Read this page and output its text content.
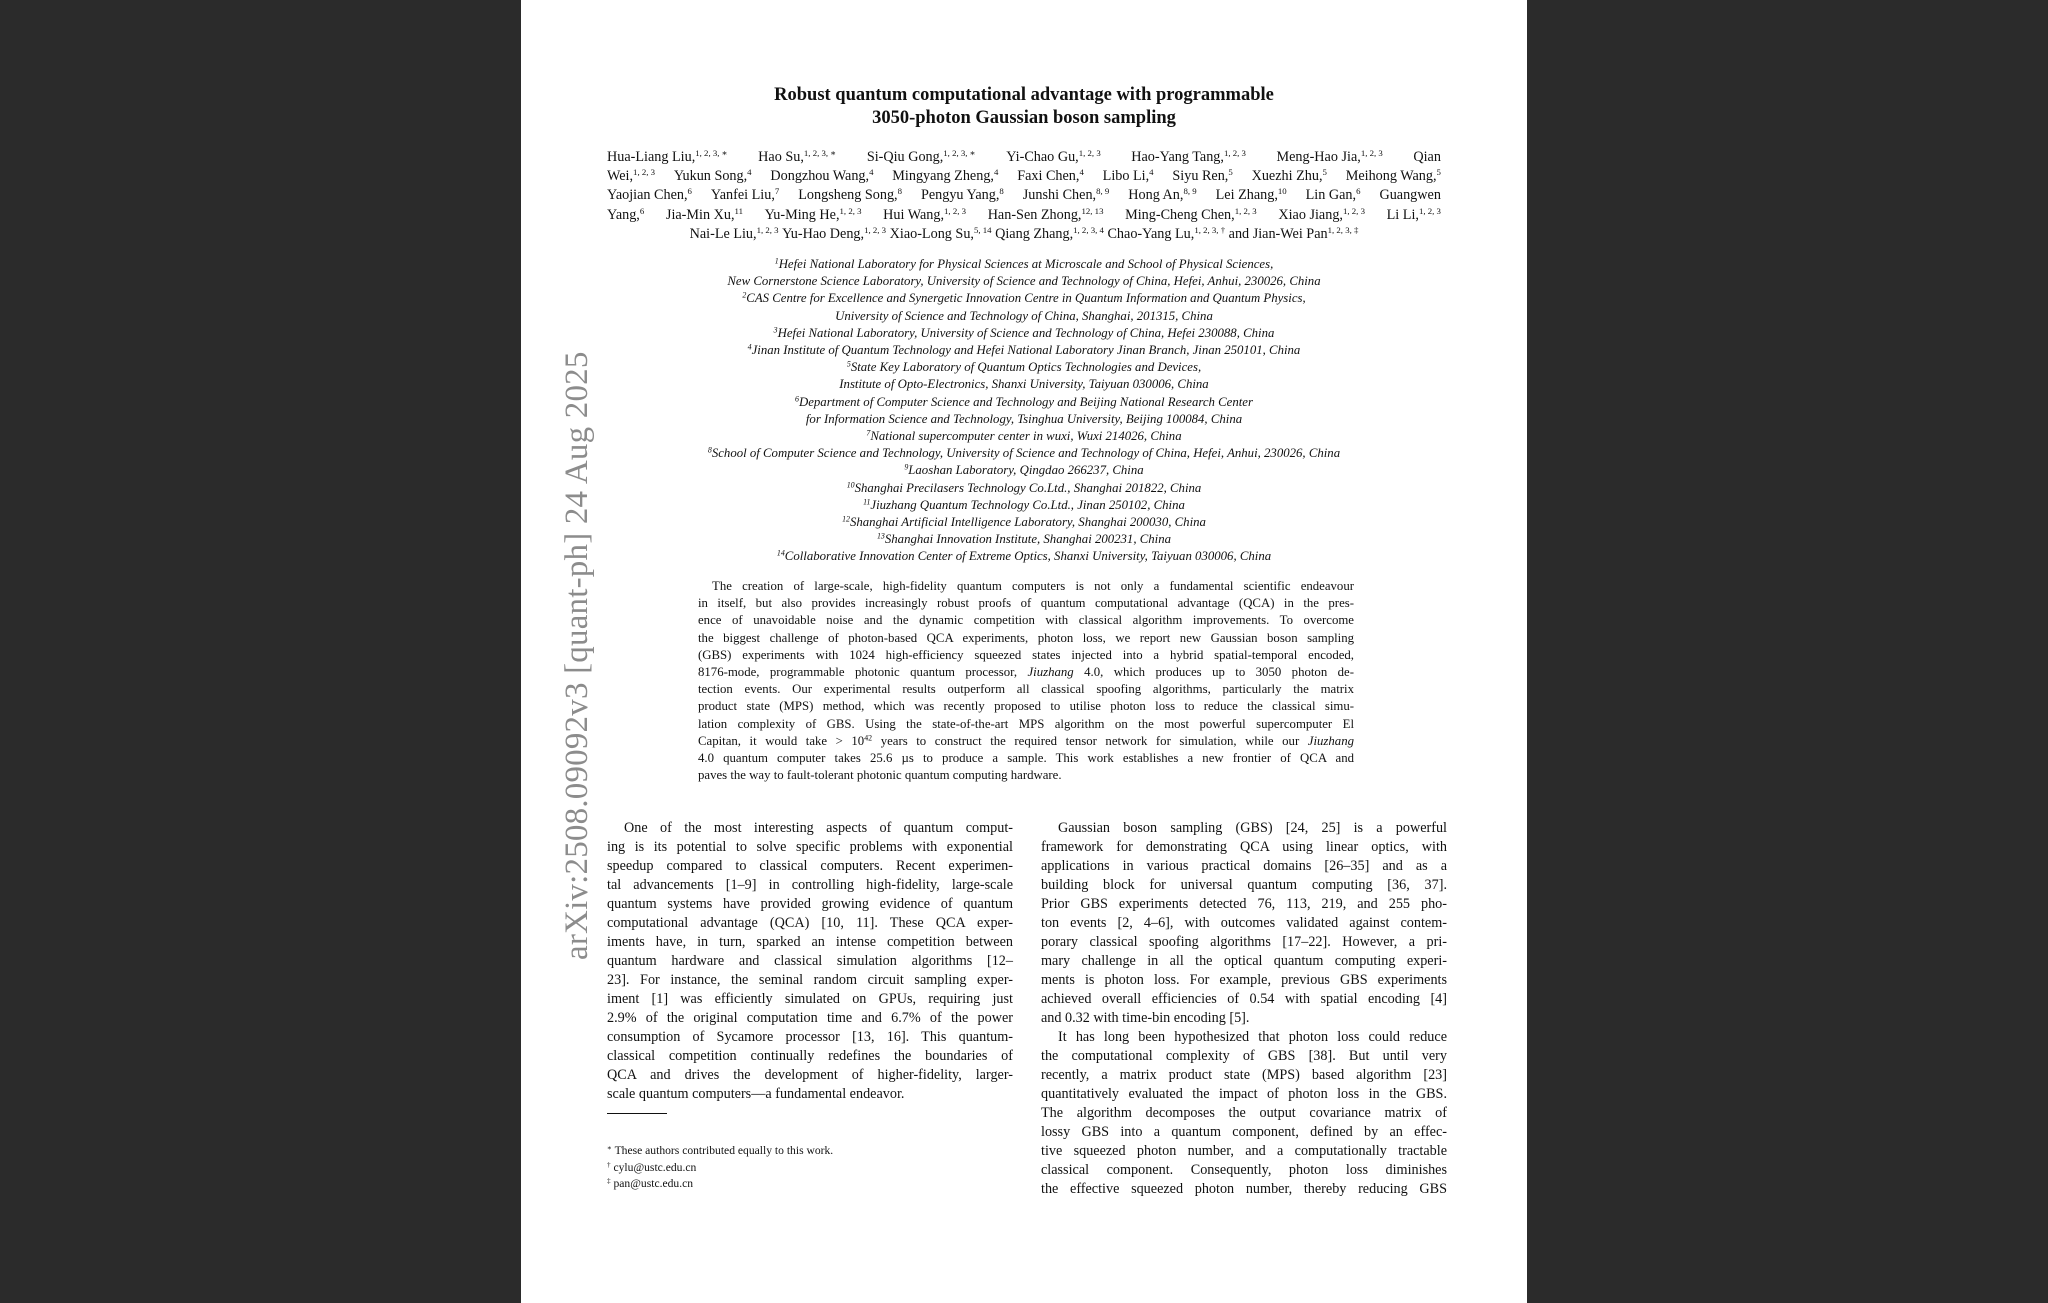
Robust quantum computational advantage with programmable
3050-photon Gaussian boson sampling
Hua-Liang Liu,$^{1, 2, 3, ∗}$ Hao Su,$^{1, 2, 3, ∗}$ Si-Qiu Gong,$^{1, 2, 3, ∗}$ Yi-Chao Gu,$^{1, 2, 3}$ Hao-Yang Tang,$^{1, 2, 3}$ Meng-Hao Jia,$^{1, 2, 3}$ Qian
Wei,$^{1, 2, 3}$ Yukun Song,$^4$ Dongzhou Wang,$^4$ Mingyang Zheng,$^4$ Faxi Chen,$^4$ Libo Li,$^4$ Siyu Ren,$^5$ Xuezhi Zhu,$^5$ Meihong Wang,$^5$
Yaojian Chen,$^6$ Yanfei Liu,$^7$ Longsheng Song,$^8$ Pengyu Yang,$^8$ Junshi Chen,$^{8, 9}$ Hong An,$^{8, 9}$ Lei Zhang,$^{10}$ Lin Gan,$^6$ Guangwen
Yang,$^6$ Jia-Min Xu,$^{11}$ Yu-Ming He,$^{1, 2, 3}$ Hui Wang,$^{1, 2, 3}$ Han-Sen Zhong,$^{12, 13}$ Ming-Cheng Chen,$^{1, 2, 3}$ Xiao Jiang,$^{1, 2, 3}$ Li Li,$^{1, 2, 3}$
Nai-Le Liu,$^{1, 2, 3}$ Yu-Hao Deng,$^{1, 2, 3}$ Xiao-Long Su,$^{5, 14}$ Qiang Zhang,$^{1, 2, 3, 4}$ Chao-Yang Lu,$^{1, 2, 3, \dagger}$ and Jian-Wei Pan$^{1, 2, 3, \ddagger}$
$^1$Hefei National Laboratory for Physical Sciences at Microscale and School of Physical Sciences,
New Cornerstone Science Laboratory, University of Science and Technology of China, Hefei, Anhui, 230026, China
$^2$CAS Centre for Excellence and Synergetic Innovation Centre in Quantum Information and Quantum Physics,
University of Science and Technology of China, Shanghai, 201315, China
$^3$Hefei National Laboratory, University of Science and Technology of China, Hefei 230088, China
$^4$Jinan Institute of Quantum Technology and Hefei National Laboratory Jinan Branch, Jinan 250101, China
$^5$State Key Laboratory of Quantum Optics Technologies and Devices,
Institute of Opto-Electronics, Shanxi University, Taiyuan 030006, China
$^6$Department of Computer Science and Technology and Beijing National Research Center
for Information Science and Technology, Tsinghua University, Beijing 100084, China
$^7$National supercomputer center in wuxi, Wuxi 214026, China
$^8$School of Computer Science and Technology, University of Science and Technology of China, Hefei, Anhui, 230026, China
$^9$Laoshan Laboratory, Qingdao 266237, China
$^{10}$Shanghai Precilasers Technology Co.Ltd., Shanghai 201822, China
$^{11}$Jiuzhang Quantum Technology Co.Ltd., Jinan 250102, China
$^{12}$Shanghai Artificial Intelligence Laboratory, Shanghai 200030, China
$^{13}$Shanghai Innovation Institute, Shanghai 200231, China
$^{14}$Collaborative Innovation Center of Extreme Optics, Shanxi University, Taiyuan 030006, China
The creation of large-scale, high-fidelity quantum computers is not only a fundamental scientific endeavour
in itself, but also provides increasingly robust proofs of quantum computational advantage (QCA) in the pres-
ence of unavoidable noise and the dynamic competition with classical algorithm improvements. To overcome
the biggest challenge of photon-based QCA experiments, photon loss, we report new Gaussian boson sampling
(GBS) experiments with 1024 high-efficiency squeezed states injected into a hybrid spatial-temporal encoded,
8176-mode, programmable photonic quantum processor, Jiuzhang 4.0, which produces up to 3050 photon de-
tection events. Our experimental results outperform all classical spoofing algorithms, particularly the matrix
product state (MPS) method, which was recently proposed to utilise photon loss to reduce the classical simu-
lation complexity of GBS. Using the state-of-the-art MPS algorithm on the most powerful supercomputer El
Capitan, it would take > $10^{42}$ years to construct the required tensor network for simulation, while our Jiuzhang
4.0 quantum computer takes 25.6 µs to produce a sample. This work establishes a new frontier of QCA and
paves the way to fault-tolerant photonic quantum computing hardware.
One of the most interesting aspects of quantum comput-
ing is its potential to solve specific problems with exponential
speedup compared to classical computers. Recent experimen-
tal advancements [1–9] in controlling high-fidelity, large-scale
quantum systems have provided growing evidence of quantum
computational advantage (QCA) [10, 11]. These QCA exper-
iments have, in turn, sparked an intense competition between
quantum hardware and classical simulation algorithms [12–
23]. For instance, the seminal random circuit sampling exper-
iment [1] was efficiently simulated on GPUs, requiring just
2.9% of the original computation time and 6.7% of the power
consumption of Sycamore processor [13, 16]. This quantum-
classical competition continually redefines the boundaries of
QCA and drives the development of higher-fidelity, larger-
scale quantum computers—a fundamental endeavor.
Gaussian boson sampling (GBS) [24, 25] is a powerful
framework for demonstrating QCA using linear optics, with
applications in various practical domains [26–35] and as a
building block for universal quantum computing [36, 37].
Prior GBS experiments detected 76, 113, 219, and 255 pho-
ton events [2, 4–6], with outcomes validated against contem-
porary classical spoofing algorithms [17–22]. However, a pri-
mary challenge in all the optical quantum computing experi-
ments is photon loss. For example, previous GBS experiments
achieved overall efficiencies of 0.54 with spatial encoding [4]
and 0.32 with time-bin encoding [5].
It has long been hypothesized that photon loss could reduce
the computational complexity of GBS [38]. But until very
recently, a matrix product state (MPS) based algorithm [23]
quantitatively evaluated the impact of photon loss in the GBS.
The algorithm decomposes the output covariance matrix of
lossy GBS into a quantum component, defined by an effec-
tive squeezed photon number, and a computationally tractable
classical component. Consequently, photon loss diminishes
the effective squeezed photon number, thereby reducing GBS
∗ These authors contributed equally to this work.
† cylu@ustc.edu.cn
‡ pan@ustc.edu.cn
arXiv:2508.09092v3 [quant-ph] 24 Aug 2025
